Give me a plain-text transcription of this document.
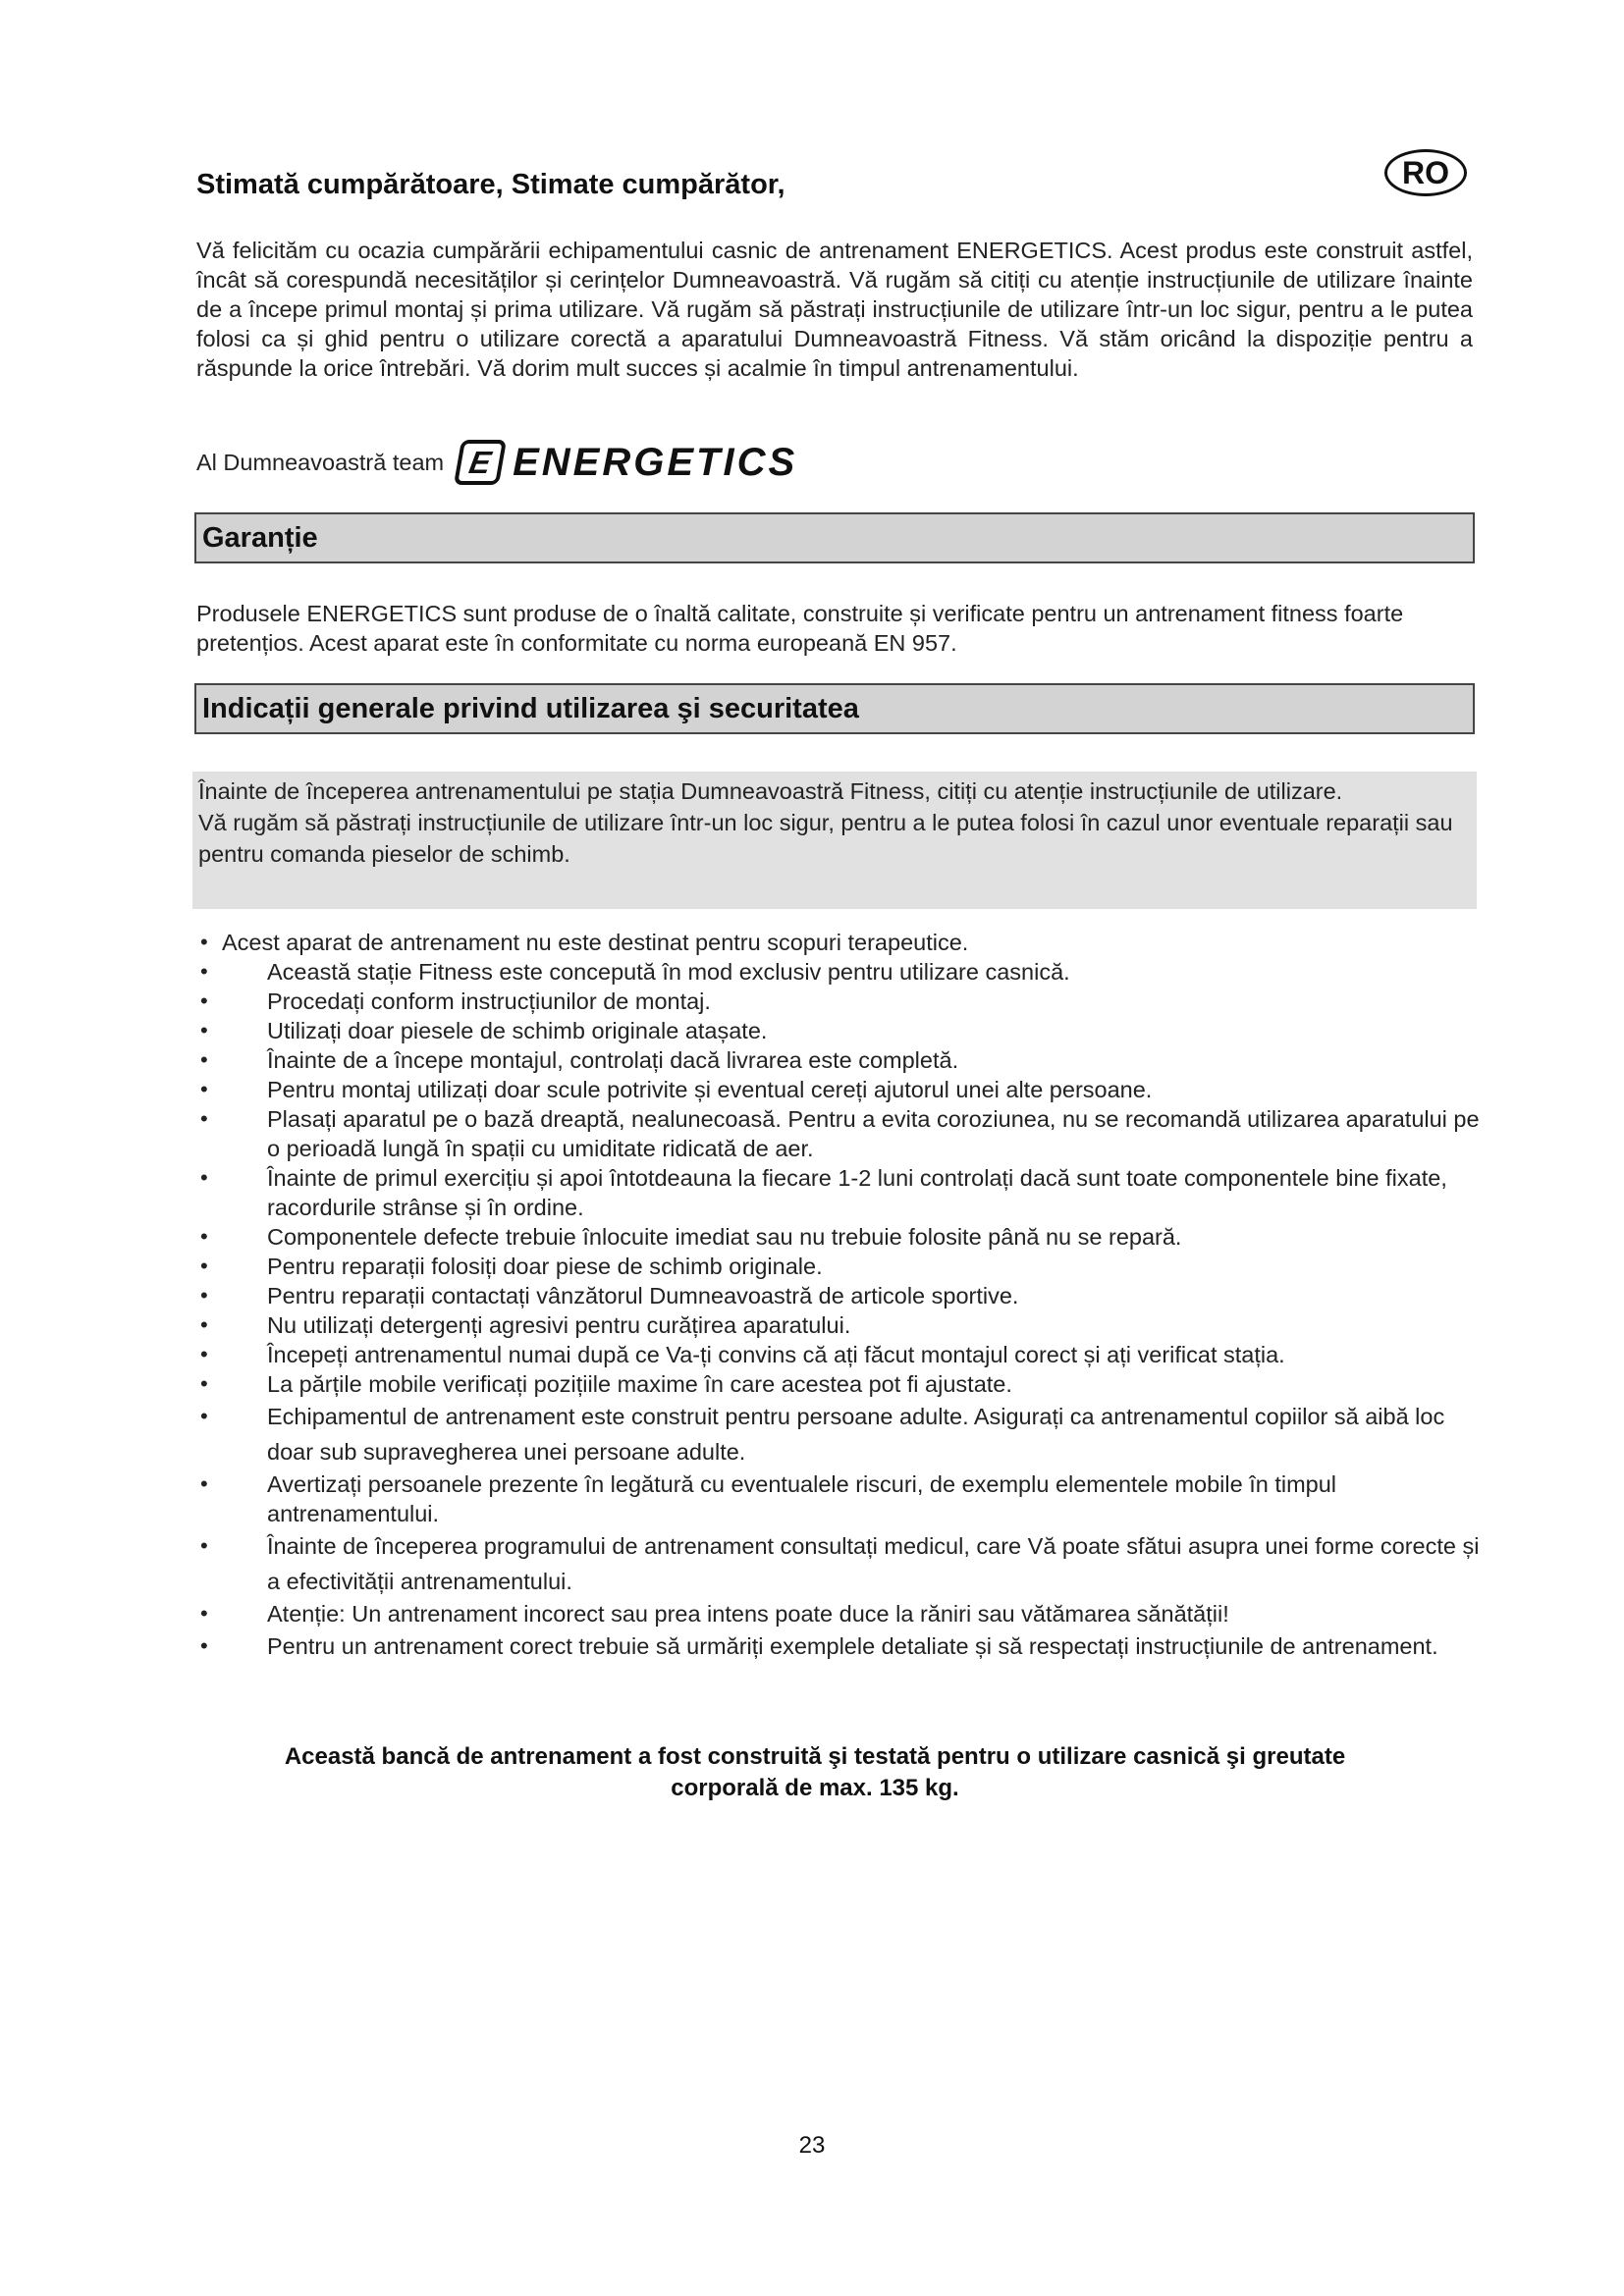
Stimată cumpărătoare, Stimate cumpărător,	RO
Vă felicităm cu ocazia cumpărării echipamentului casnic de antrenament ENERGETICS. Acest produs este construit astfel, încât să corespundă necesităților și cerințelor Dumneavoastră. Vă rugăm să citiți cu atenție instrucțiunile de utilizare înainte de a începe primul montaj și prima utilizare. Vă rugăm să păstrați instrucțiunile de utilizare într-un loc sigur, pentru a le putea folosi ca și ghid pentru o utilizare corectă a aparatului Dumneavoastră Fitness. Vă stăm oricând la dispoziție pentru a răspunde la orice întrebări. Vă dorim mult succes și acalmie în timpul antrenamentului.
Al Dumneavoastră team E ENERGETICS
Garanție
Produsele ENERGETICS sunt produse de o înaltă calitate, construite și verificate pentru un antrenament fitness foarte pretențios. Acest aparat este în conformitate cu norma europeană EN 957.
Indicații generale privind utilizarea şi securitatea
Înainte de începerea antrenamentului pe stația Dumneavoastră Fitness, citiți cu atenție instrucțiunile de utilizare.
Vă rugăm să păstrați instrucțiunile de utilizare într-un loc sigur, pentru a le putea folosi în cazul unor eventuale reparații sau pentru comanda pieselor de schimb.
• Acest aparat de antrenament nu este destinat pentru scopuri terapeutice.
•	Această stație Fitness este concepută în mod exclusiv pentru utilizare casnică.
•	Procedați conform instrucțiunilor de montaj.
•	Utilizați doar piesele de schimb originale atașate.
•	Înainte de a începe montajul, controlați dacă livrarea este completă.
•	Pentru montaj utilizați doar scule potrivite și eventual cereți ajutorul unei alte persoane.
•	Plasați aparatul pe o bază dreaptă, nealunecoasă. Pentru a evita coroziunea, nu se recomandă utilizarea aparatului pe o perioadă lungă în spații cu umiditate ridicată de aer.
•	Înainte de primul exercițiu și apoi întotdeauna la fiecare 1-2 luni controlați dacă sunt toate componentele bine fixate, racordurile strânse și în ordine.
•	Componentele defecte trebuie înlocuite imediat sau nu trebuie folosite până nu se repară.
•	Pentru reparații folosiți doar piese de schimb originale.
•	Pentru reparații contactați vânzătorul Dumneavoastră de articole sportive.
•	Nu utilizați detergenți agresivi pentru curățirea aparatului.
•	Începeți antrenamentul numai după ce Va-ți convins că ați făcut montajul corect și ați verificat stația.
•	La părțile mobile verificați pozițiile maxime în care acestea pot fi ajustate.
•	Echipamentul de antrenament este construit pentru persoane adulte. Asigurați ca antrenamentul copiilor să aibă loc doar sub supravegherea unei persoane adulte.
•	Avertizați persoanele prezente în legătură cu eventualele riscuri, de exemplu elementele mobile în timpul antrenamentului.
•	Înainte de începerea programului de antrenament consultați medicul, care Vă poate sfătui asupra unei forme corecte și a efectivității antrenamentului.
•	Atenție: Un antrenament incorect sau prea intens poate duce la răniri sau vătămarea sănătății!
•	Pentru un antrenament corect trebuie să urmăriți exemplele detaliate și să respectați instrucțiunile de antrenament.
Această bancă de antrenament a fost construită şi testată pentru o utilizare casnică şi greutate
corporală de max. 135 kg.
23
